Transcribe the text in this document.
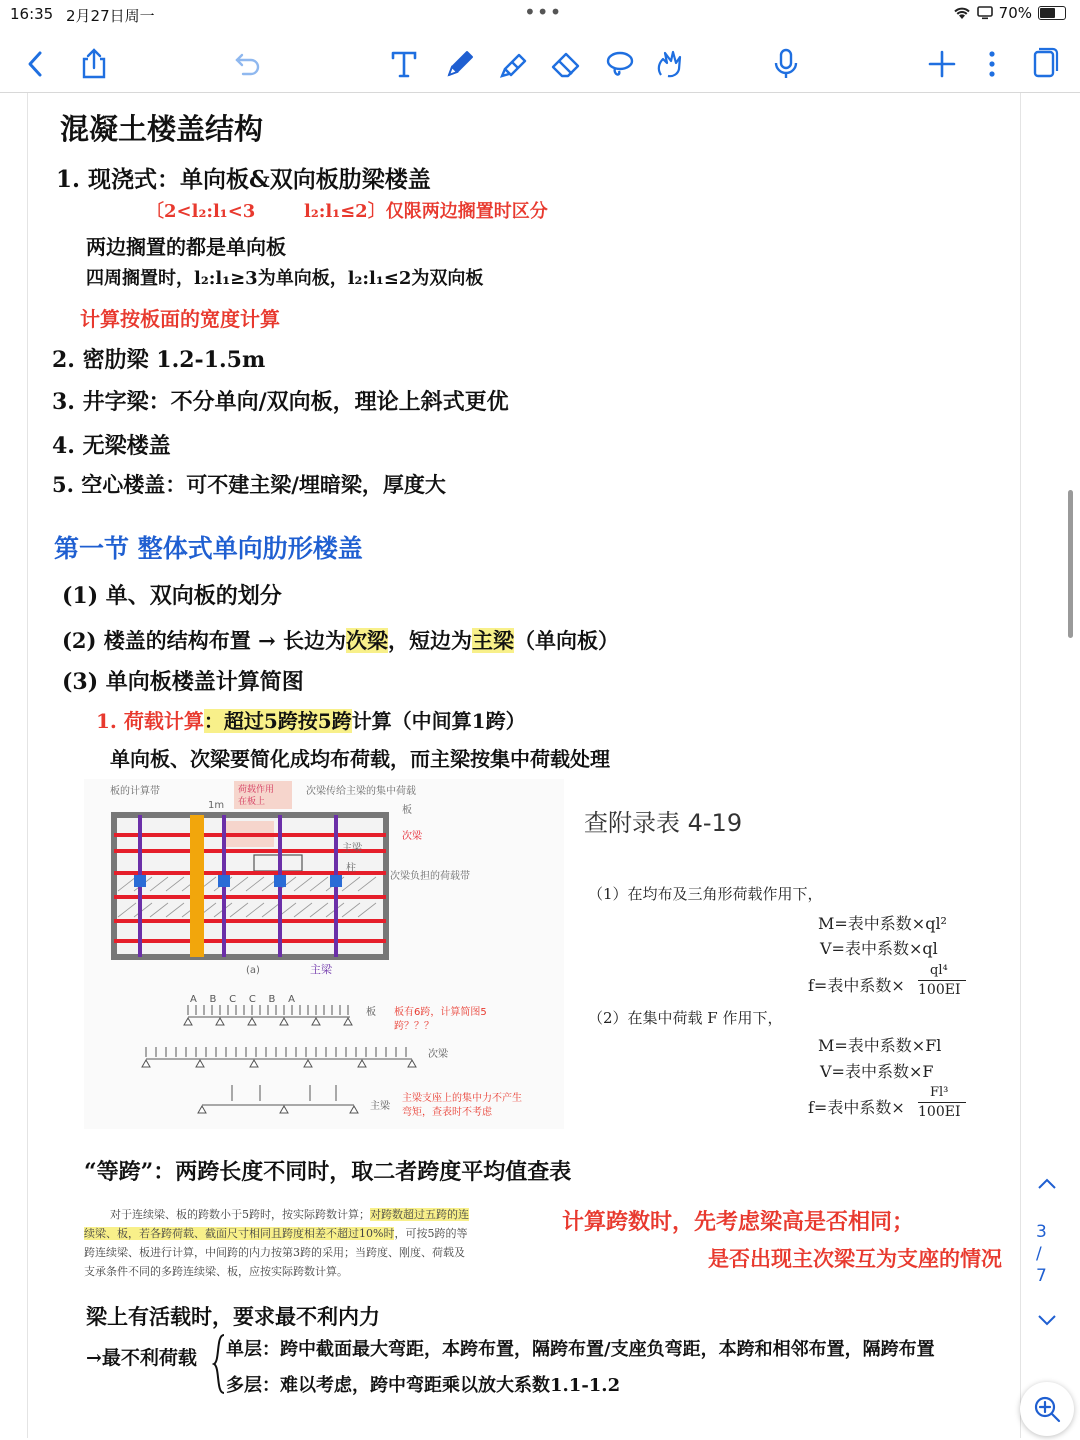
16:35 2月27日周一	•••	70%
混凝土楼盖结构
1. 现浇式：单向板&双向板肋梁楼盖
〔2<l₂:l₁<3	l₂:l₁≤2〕仅限两边搁置时区分
两边搁置的都是单向板
四周搁置时，l₂:l₁≥3为单向板，l₂:l₁≤2为双向板
计算按板面的宽度计算
2. 密肋梁 1.2-1.5m
3. 井字梁：不分单向/双向板，理论上斜式更优
4. 无梁楼盖
5. 空心楼盖：可不建主梁/埋暗梁，厚度大
第一节 整体式单向肋形楼盖
(1) 单、双向板的划分
(2) 楼盖的结构布置 → 长边为次梁，短边为主梁（单向板）
(3) 单向板楼盖计算简图
1. 荷载计算：超过5跨按5跨计算（中间算1跨）
单向板、次梁要简化成均布荷载，而主梁按集中荷载处理
荷载作用
在板上
板的计算带
1m
次梁传给主梁的集中荷载
板
次梁
主梁
柱
次梁负担的荷载带
(a)	主梁
A    B    C    C    B    A
板 板有6跨，计算简图5
跨？？？
次梁
主梁
主梁支座上的集中力不产生
弯矩，查表时不考虑
查附录表 4-19
（1）在均布及三角形荷载作用下，
M=表中系数×ql²
V=表中系数×ql
f=表中系数×
ql⁴
100EI
（2）在集中荷载 F 作用下，
M=表中系数×Fl
V=表中系数×F
f=表中系数×
Fl³
100EI
“等跨”：两跨长度不同时，取二者跨度平均值查表
对于连续梁、板的跨数小于5跨时，按实际跨数计算；对跨数超过五跨的连
续梁、板，若各跨荷载、截面尺寸相同且跨度相差不超过10%时，可按5跨的等
跨连续梁、板进行计算，中间跨的内力按第3跨的采用；当跨度、刚度、荷载及
支承条件不同的多跨连续梁、板，应按实际跨数计算。
计算跨数时，先考虑梁高是否相同；
是否出现主次梁互为支座的情况
梁上有活载时，要求最不利内力
→最不利荷载 单层：跨中截面最大弯距，本跨布置，隔跨布置/支座负弯距，本跨和相邻布置，隔跨布置
多层：难以考虑，跨中弯距乘以放大系数1.1-1.2
3
/
7
